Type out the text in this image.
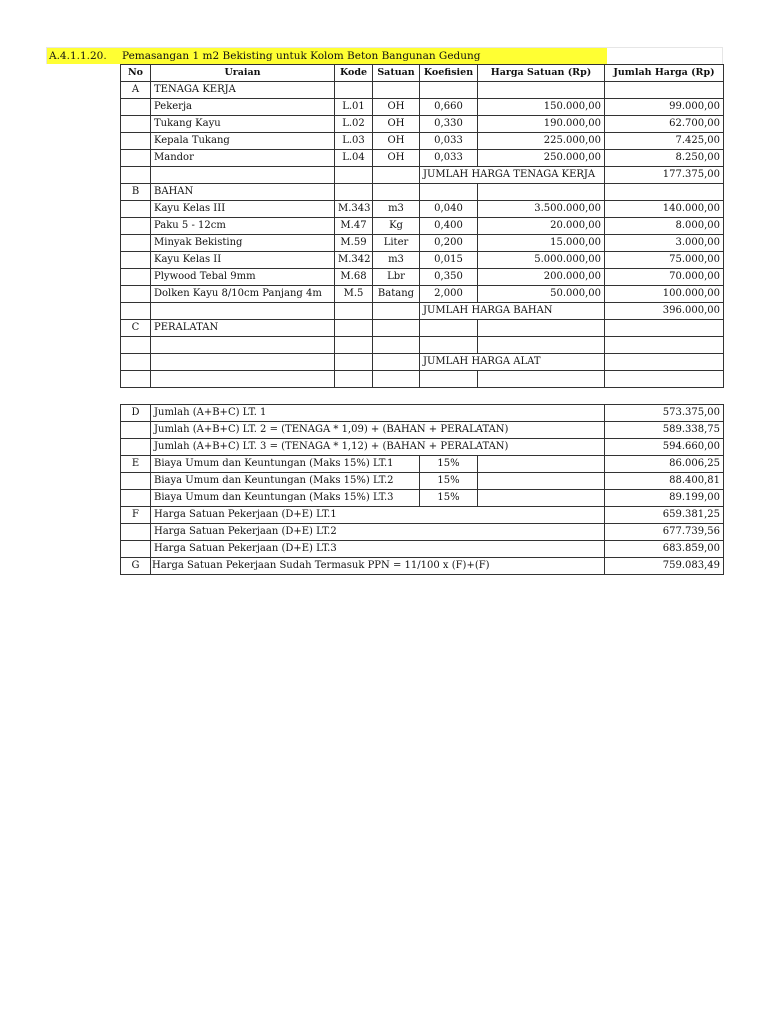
A.4.1.1.20.	Pemasangan 1 m2 Bekisting untuk Kolom Beton Bangunan Gedung
No	Uraian	Kode	Satuan	Koefisien	Harga Satuan (Rp)	Jumlah Harga (Rp)
A	TENAGA KERJA					
	Pekerja	L.01	OH	0,660	150.000,00	99.000,00
	Tukang Kayu	L.02	OH	0,330	190.000,00	62.700,00
	Kepala Tukang	L.03	OH	0,033	225.000,00	7.425,00
	Mandor	L.04	OH	0,033	250.000,00	8.250,00
				JUMLAH HARGA TENAGA KERJA		177.375,00
B	BAHAN					
	Kayu Kelas III	M.343	m3	0,040	3.500.000,00	140.000,00
	Paku 5 - 12cm	M.47	Kg	0,400	20.000,00	8.000,00
	Minyak Bekisting	M.59	Liter	0,200	15.000,00	3.000,00
	Kayu Kelas II	M.342	m3	0,015	5.000.000,00	75.000,00
	Plywood Tebal 9mm	M.68	Lbr	0,350	200.000,00	70.000,00
	Dolken Kayu 8/10cm Panjang 4m	M.5	Batang	2,000	50.000,00	100.000,00
				JUMLAH HARGA BAHAN		396.000,00
C	PERALATAN					

				JUMLAH HARGA ALAT		

D	Jumlah (A+B+C) LT. 1					573.375,00
	Jumlah (A+B+C) LT. 2 = (TENAGA * 1,09) + (BAHAN + PERALATAN)					589.338,75
	Jumlah (A+B+C) LT. 3 = (TENAGA * 1,12) + (BAHAN + PERALATAN)					594.660,00
E	Biaya Umum dan Keuntungan (Maks 15%) LT.1			15%		86.006,25
	Biaya Umum dan Keuntungan (Maks 15%) LT.2			15%		88.400,81
	Biaya Umum dan Keuntungan (Maks 15%) LT.3			15%		89.199,00
F	Harga Satuan Pekerjaan (D+E) LT.1					659.381,25
	Harga Satuan Pekerjaan (D+E) LT.2					677.739,56
	Harga Satuan Pekerjaan (D+E) LT.3					683.859,00
G	Harga Satuan Pekerjaan Sudah Termasuk PPN = 11/100 x (F)+(F)					759.083,49
